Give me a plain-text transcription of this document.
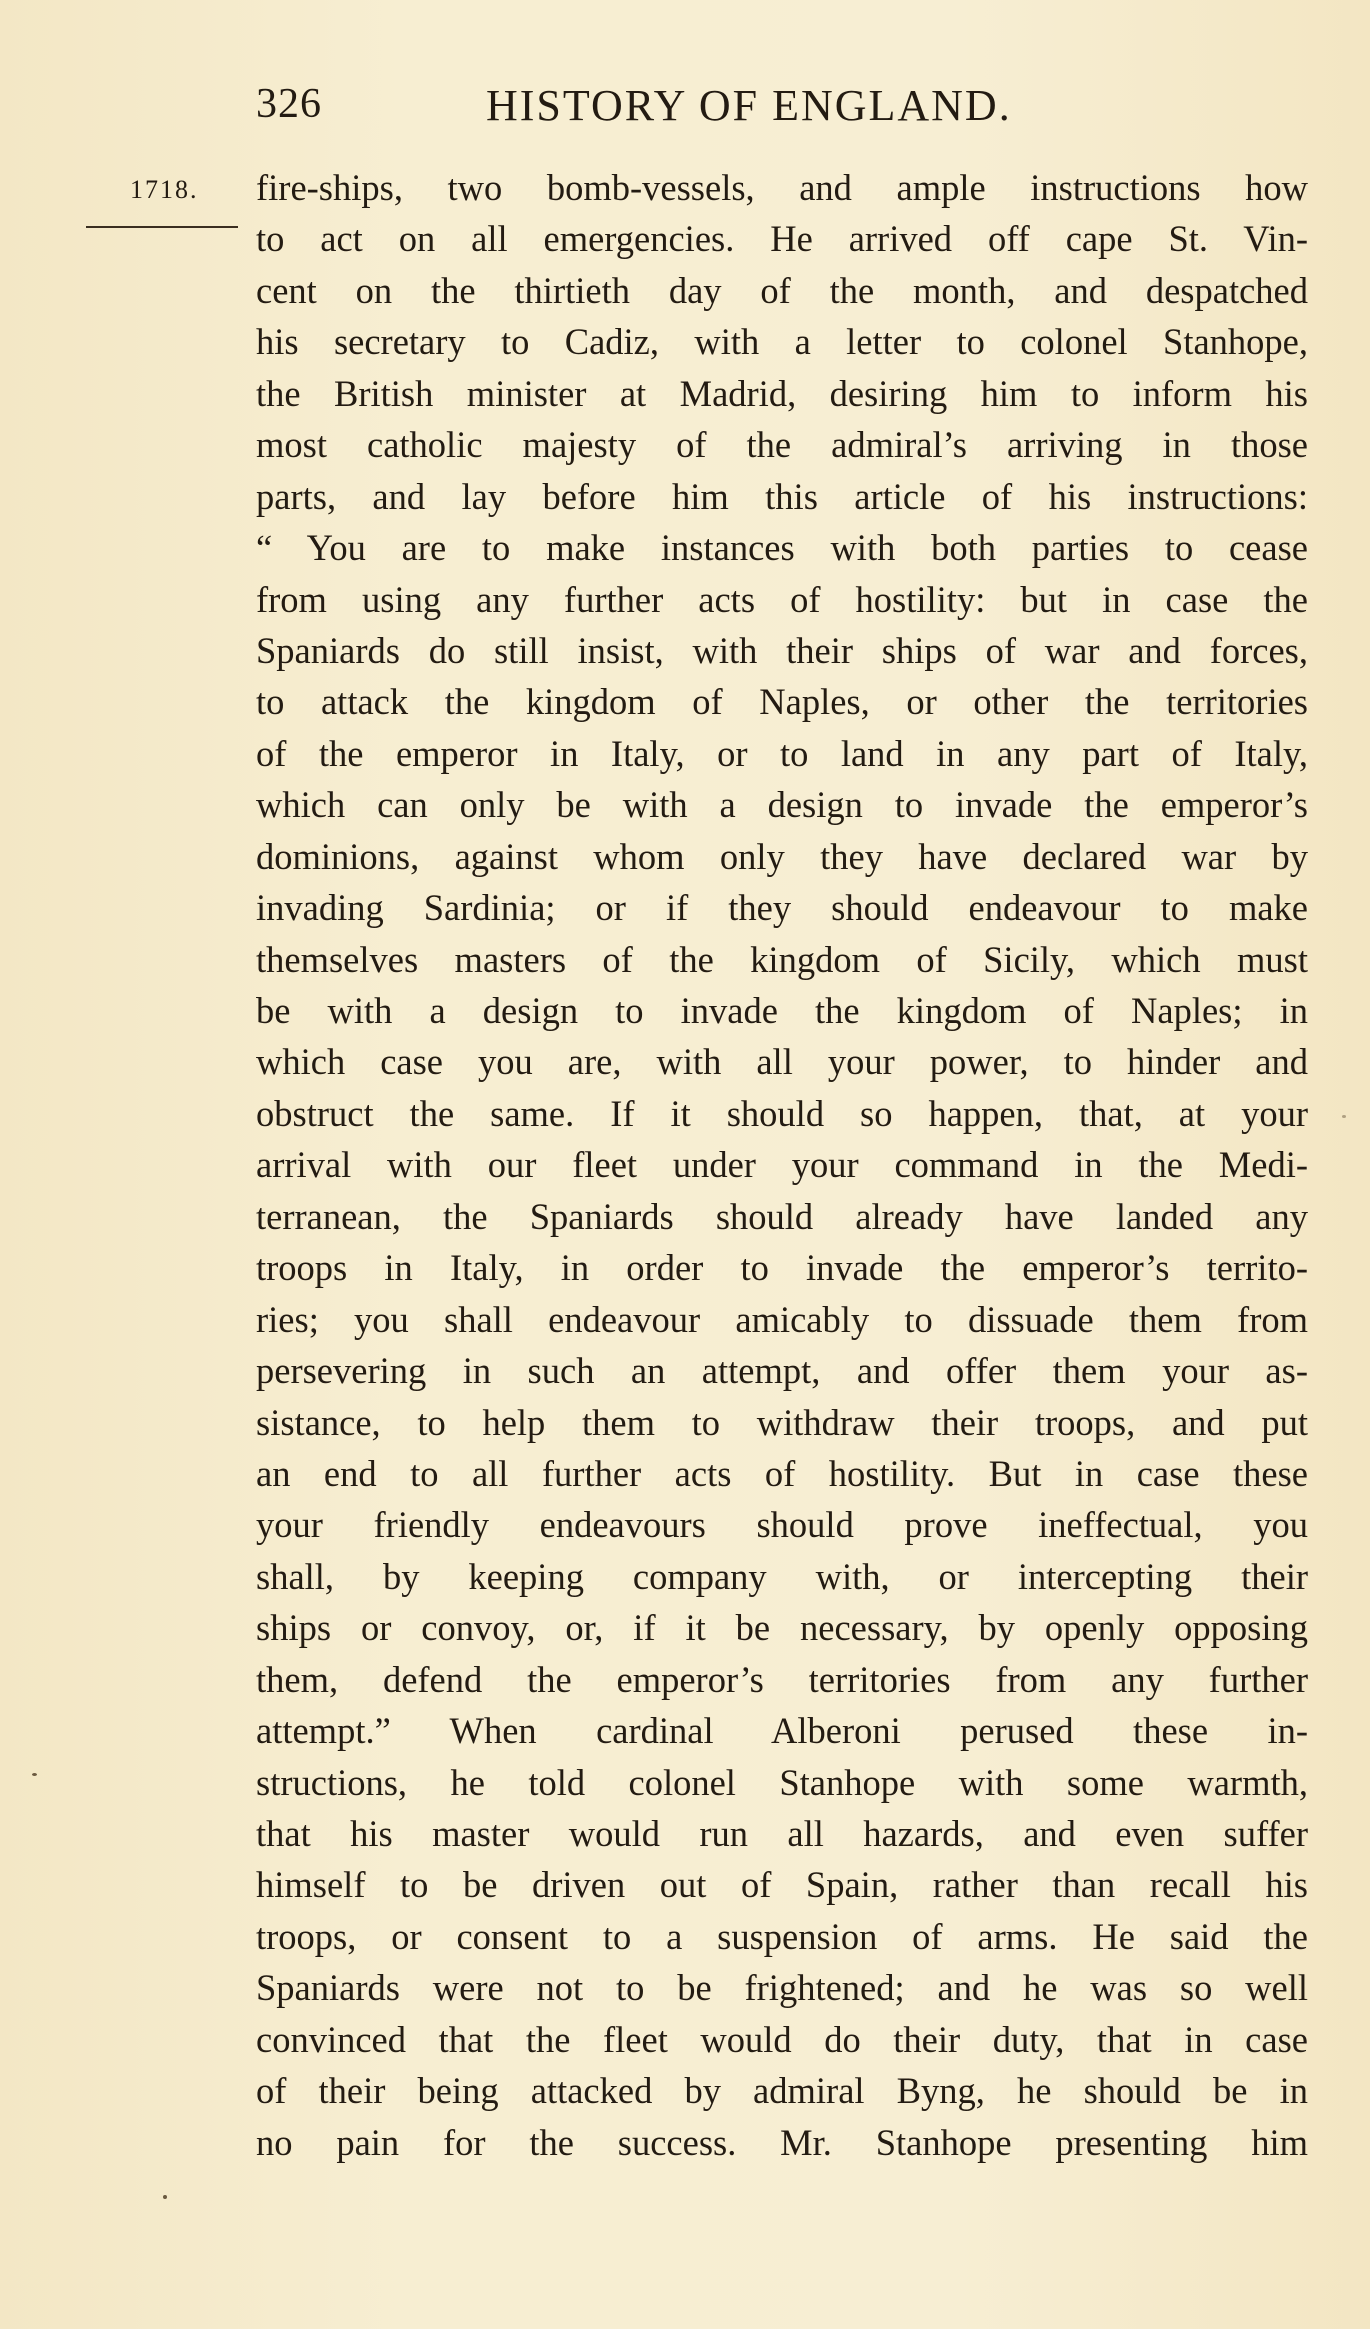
326	HISTORY OF ENGLAND.
1718. fire-ships, two bomb-vessels, and ample instructions how
to act on all emergencies. He arrived off cape St. Vin-
cent on the thirtieth day of the month, and despatched
his secretary to Cadiz, with a letter to colonel Stanhope,
the British minister at Madrid, desiring him to inform his
most catholic majesty of the admiral’s arriving in those
parts, and lay before him this article of his instructions:
“ You are to make instances with both parties to cease
from using any further acts of hostility: but in case the
Spaniards do still insist, with their ships of war and forces,
to attack the kingdom of Naples, or other the territories
of the emperor in Italy, or to land in any part of Italy,
which can only be with a design to invade the emperor’s
dominions, against whom only they have declared war by
invading Sardinia; or if they should endeavour to make
themselves masters of the kingdom of Sicily, which must
be with a design to invade the kingdom of Naples; in
which case you are, with all your power, to hinder and
obstruct the same. If it should so happen, that, at your
arrival with our fleet under your command in the Medi-
terranean, the Spaniards should already have landed any
troops in Italy, in order to invade the emperor’s territo-
ries; you shall endeavour amicably to dissuade them from
persevering in such an attempt, and offer them your as-
sistance, to help them to withdraw their troops, and put
an end to all further acts of hostility. But in case these
your friendly endeavours should prove ineffectual, you
shall, by keeping company with, or intercepting their
ships or convoy, or, if it be necessary, by openly opposing
them, defend the emperor’s territories from any further
attempt.” When cardinal Alberoni perused these in-
structions, he told colonel Stanhope with some warmth,
that his master would run all hazards, and even suffer
himself to be driven out of Spain, rather than recall his
troops, or consent to a suspension of arms. He said the
Spaniards were not to be frightened; and he was so well
convinced that the fleet would do their duty, that in case
of their being attacked by admiral Byng, he should be in
no pain for the success. Mr. Stanhope presenting him
